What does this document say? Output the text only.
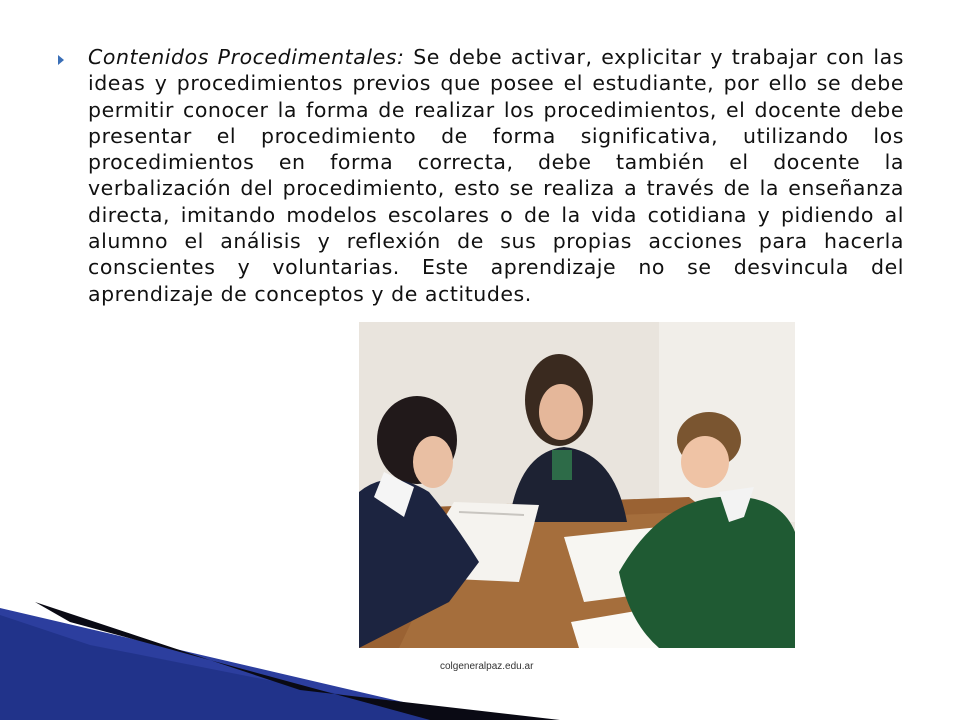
Contenidos Procedimentales: Se debe activar, explicitar y trabajar con las ideas y procedimientos previos que posee el estudiante, por ello se debe permitir conocer la forma de realizar los procedimientos, el docente debe presentar el procedimiento de forma significativa, utilizando los procedimientos en forma correcta, debe también el docente la verbalización del procedimiento, esto se realiza a través de la enseñanza directa, imitando modelos escolares o de la vida cotidiana y pidiendo al alumno el análisis y reflexión de sus propias acciones para hacerla conscientes y voluntarias. Este aprendizaje no se desvincula del aprendizaje de conceptos y de actitudes.

colgeneralpaz.edu.ar
